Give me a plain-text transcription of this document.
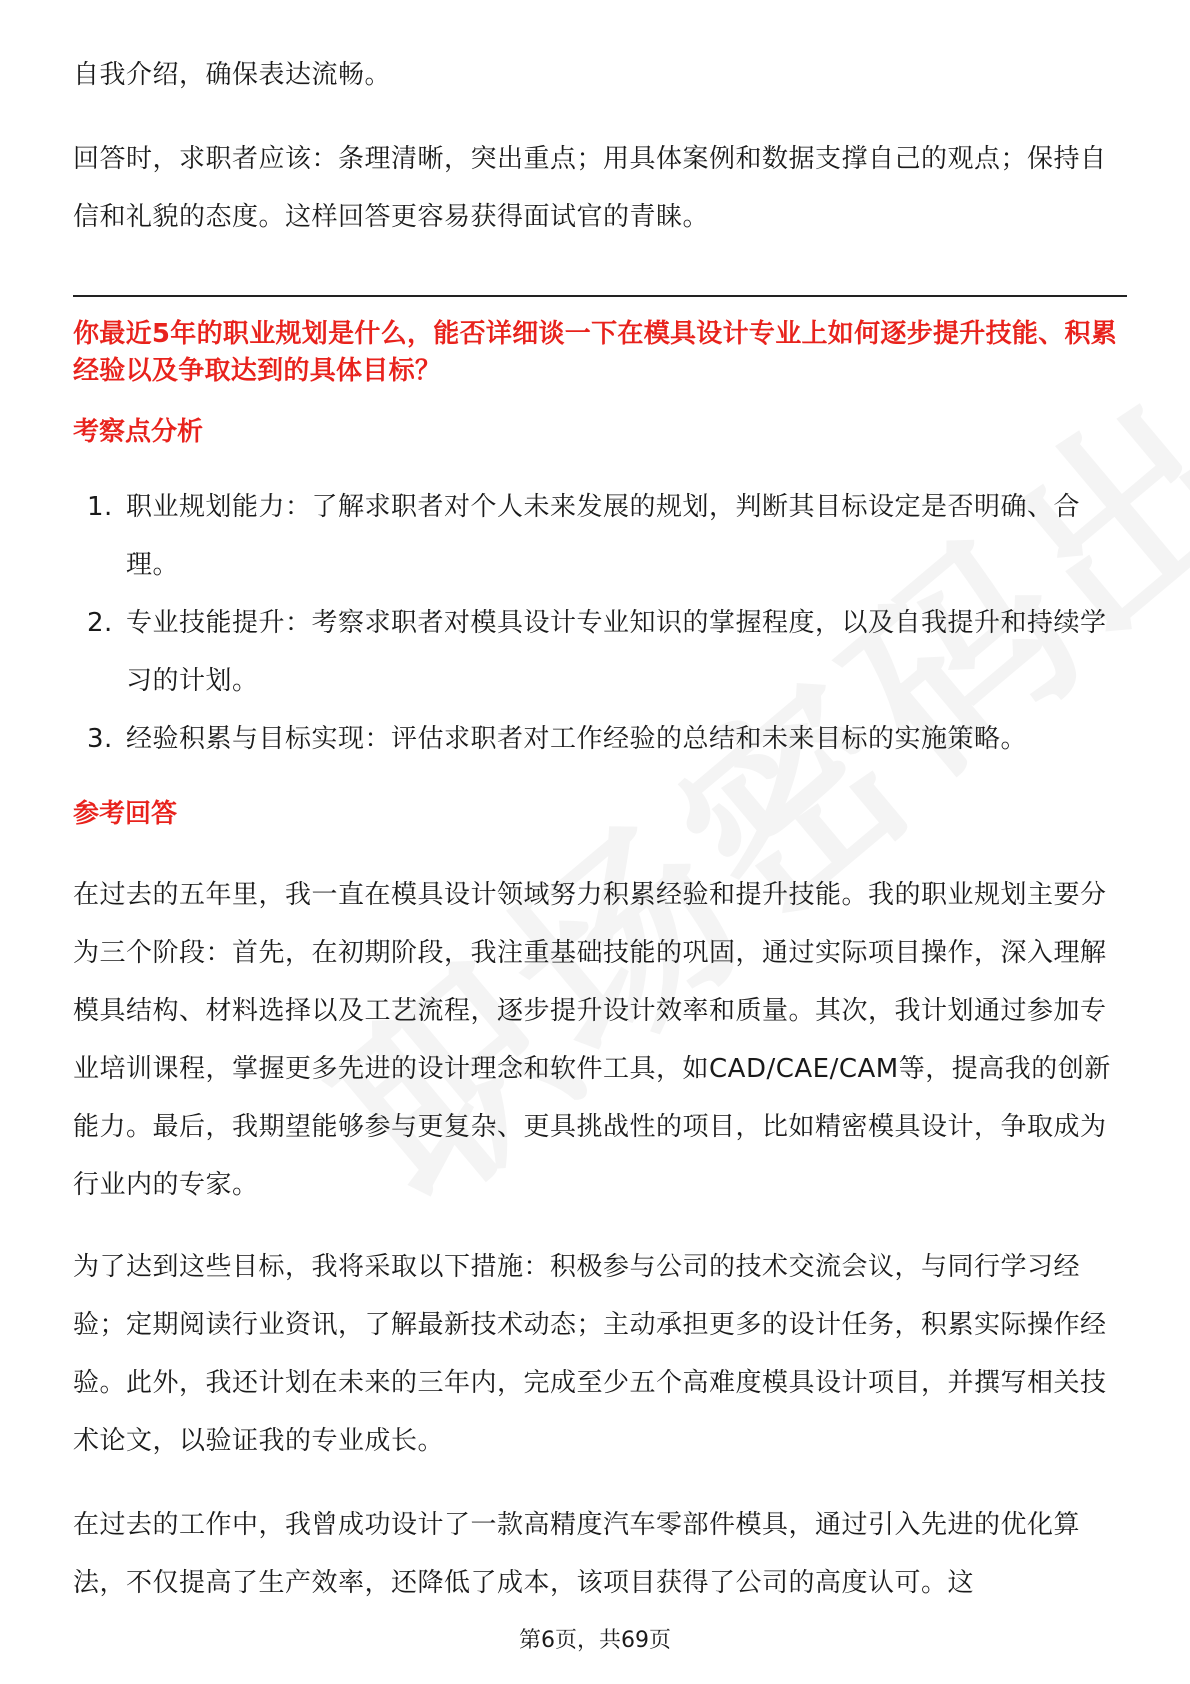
自我介绍，确保表达流畅。

回答时，求职者应该：条理清晰，突出重点；用具体案例和数据支撑自己的观点；保持自信和礼貌的态度。这样回答更容易获得面试官的青睐。

你最近5年的职业规划是什么，能否详细谈一下在模具设计专业上如何逐步提升技能、积累经验以及争取达到的具体目标？
考察点分析
1. 职业规划能力：了解求职者对个人未来发展的规划，判断其目标设定是否明确、合理。
2. 专业技能提升：考察求职者对模具设计专业知识的掌握程度，以及自我提升和持续学习的计划。
3. 经验积累与目标实现：评估求职者对工作经验的总结和未来目标的实施策略。
参考回答

在过去的五年里，我一直在模具设计领域努力积累经验和提升技能。我的职业规划主要分为三个阶段：首先，在初期阶段，我注重基础技能的巩固，通过实际项目操作，深入理解模具结构、材料选择以及工艺流程，逐步提升设计效率和质量。其次，我计划通过参加专业培训课程，掌握更多先进的设计理念和软件工具，如CAD/CAE/CAM等，提高我的创新能力。最后，我期望能够参与更复杂、更具挑战性的项目，比如精密模具设计，争取成为行业内的专家。

为了达到这些目标，我将采取以下措施：积极参与公司的技术交流会议，与同行学习经验；定期阅读行业资讯，了解最新技术动态；主动承担更多的设计任务，积累实际操作经验。此外，我还计划在未来的三年内，完成至少五个高难度模具设计项目，并撰写相关技术论文，以验证我的专业成长。

在过去的工作中，我曾成功设计了一款高精度汽车零部件模具，通过引入先进的优化算法，不仅提高了生产效率，还降低了成本，该项目获得了公司的高度认可。这

第6页，共69页
